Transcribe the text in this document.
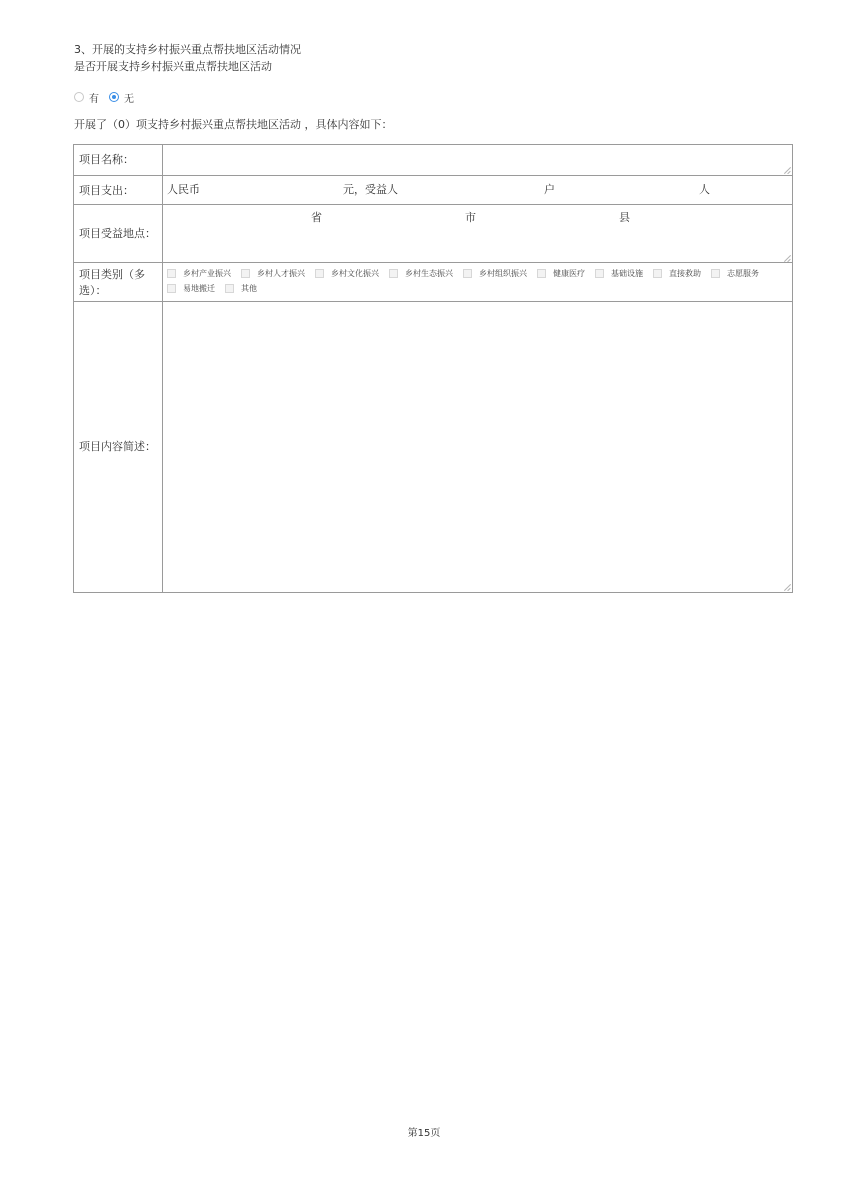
3、开展的支持乡村振兴重点帮扶地区活动情况
是否开展支持乡村振兴重点帮扶地区活动
有	无
开展了（ 0 ）项支持乡村振兴重点帮扶地区活动 ，具体内容如下：
项目名称：
项目支出：	人民币	元，受益人	户	人
项目受益地点：
省	市	县
项目类别（多选）：
乡村产业振兴	乡村人才振兴	乡村文化振兴	乡村生态振兴	乡村组织振兴	健康医疗	基础设施	直接救助	志愿服务
易地搬迁	其他
项目内容简述：
第15页
